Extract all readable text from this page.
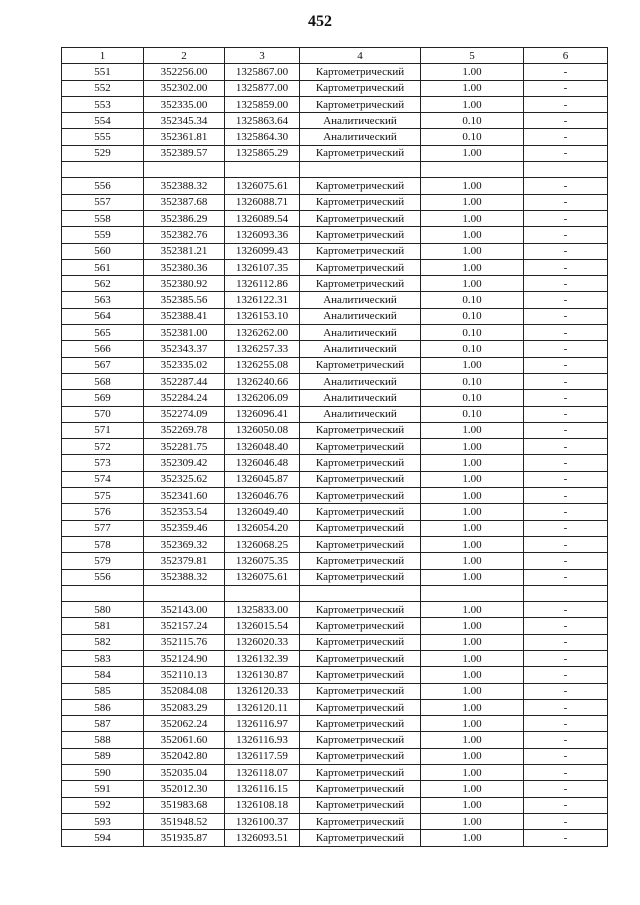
452
1	2	3	4	5	6
551	352256.00	1325867.00	Картометрический	1.00	-
552	352302.00	1325877.00	Картометрический	1.00	-
553	352335.00	1325859.00	Картометрический	1.00	-
554	352345.34	1325863.64	Аналитический	0.10	-
555	352361.81	1325864.30	Аналитический	0.10	-
529	352389.57	1325865.29	Картометрический	1.00	-

556	352388.32	1326075.61	Картометрический	1.00	-
557	352387.68	1326088.71	Картометрический	1.00	-
558	352386.29	1326089.54	Картометрический	1.00	-
559	352382.76	1326093.36	Картометрический	1.00	-
560	352381.21	1326099.43	Картометрический	1.00	-
561	352380.36	1326107.35	Картометрический	1.00	-
562	352380.92	1326112.86	Картометрический	1.00	-
563	352385.56	1326122.31	Аналитический	0.10	-
564	352388.41	1326153.10	Аналитический	0.10	-
565	352381.00	1326262.00	Аналитический	0.10	-
566	352343.37	1326257.33	Аналитический	0.10	-
567	352335.02	1326255.08	Картометрический	1.00	-
568	352287.44	1326240.66	Аналитический	0.10	-
569	352284.24	1326206.09	Аналитический	0.10	-
570	352274.09	1326096.41	Аналитический	0.10	-
571	352269.78	1326050.08	Картометрический	1.00	-
572	352281.75	1326048.40	Картометрический	1.00	-
573	352309.42	1326046.48	Картометрический	1.00	-
574	352325.62	1326045.87	Картометрический	1.00	-
575	352341.60	1326046.76	Картометрический	1.00	-
576	352353.54	1326049.40	Картометрический	1.00	-
577	352359.46	1326054.20	Картометрический	1.00	-
578	352369.32	1326068.25	Картометрический	1.00	-
579	352379.81	1326075.35	Картометрический	1.00	-
556	352388.32	1326075.61	Картометрический	1.00	-

580	352143.00	1325833.00	Картометрический	1.00	-
581	352157.24	1326015.54	Картометрический	1.00	-
582	352115.76	1326020.33	Картометрический	1.00	-
583	352124.90	1326132.39	Картометрический	1.00	-
584	352110.13	1326130.87	Картометрический	1.00	-
585	352084.08	1326120.33	Картометрический	1.00	-
586	352083.29	1326120.11	Картометрический	1.00	-
587	352062.24	1326116.97	Картометрический	1.00	-
588	352061.60	1326116.93	Картометрический	1.00	-
589	352042.80	1326117.59	Картометрический	1.00	-
590	352035.04	1326118.07	Картометрический	1.00	-
591	352012.30	1326116.15	Картометрический	1.00	-
592	351983.68	1326108.18	Картометрический	1.00	-
593	351948.52	1326100.37	Картометрический	1.00	-
594	351935.87	1326093.51	Картометрический	1.00	-
